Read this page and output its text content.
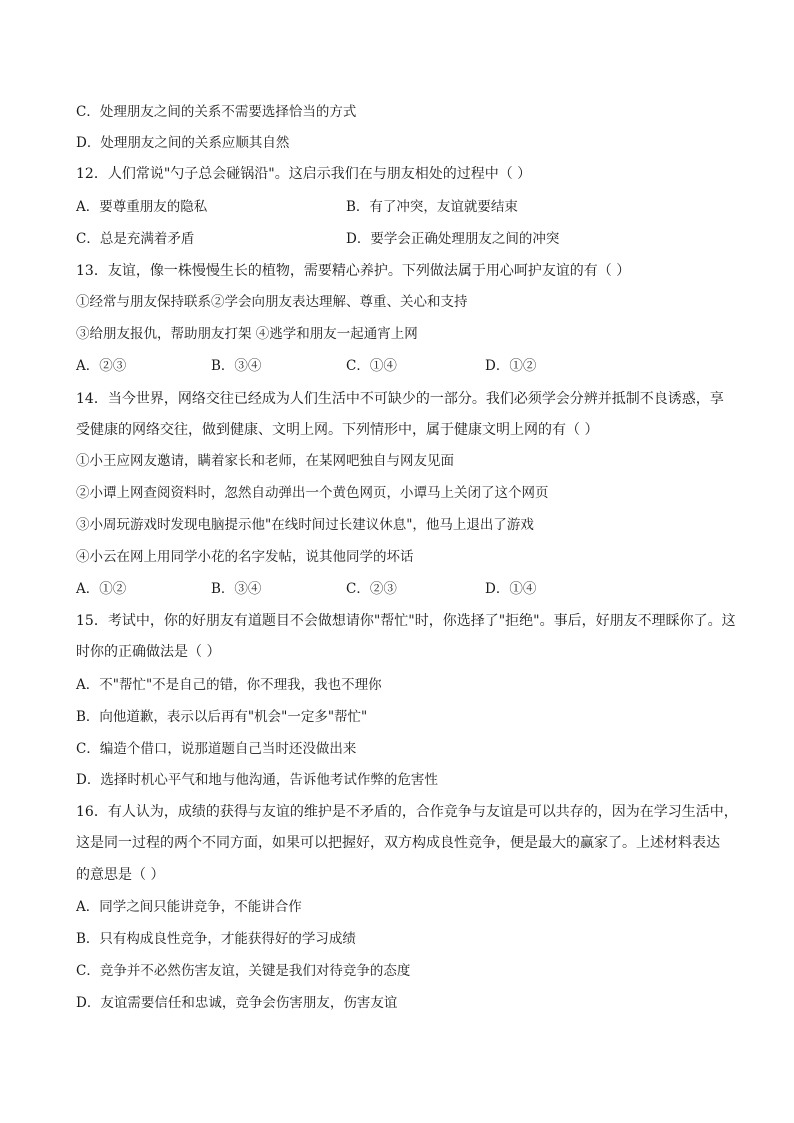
C．处理朋友之间的关系不需要选择恰当的方式
D．处理朋友之间的关系应顺其自然
12．人们常说"勺子总会碰锅沿"。这启示我们在与朋友相处的过程中（ ）
A．要尊重朋友的隐私	B．有了冲突，友谊就要结束
C．总是充满着矛盾	D．要学会正确处理朋友之间的冲突
13．友谊，像一株慢慢生长的植物，需要精心养护。下列做法属于用心呵护友谊的有（ ）
①经常与朋友保持联系②学会向朋友表达理解、尊重、关心和支持
③给朋友报仇，帮助朋友打架 ④逃学和朋友一起通宵上网
A．②③	B．③④	C．①④	D．①②
14．当今世界，网络交往已经成为人们生活中不可缺少的一部分。我们必须学会分辨并抵制不良诱惑，享
受健康的网络交往，做到健康、文明上网。下列情形中，属于健康文明上网的有（ ）
①小王应网友邀请，瞒着家长和老师，在某网吧独自与网友见面
②小谭上网查阅资料时，忽然自动弹出一个黄色网页，小谭马上关闭了这个网页
③小周玩游戏时发现电脑提示他"在线时间过长建议休息"，他马上退出了游戏
④小云在网上用同学小花的名字发帖，说其他同学的坏话
A．①②	B．③④	C．②③	D．①④
15．考试中，你的好朋友有道题目不会做想请你"帮忙"时，你选择了"拒绝"。事后，好朋友不理睬你了。这
时你的正确做法是（ ）
A．不"帮忙"不是自己的错，你不理我，我也不理你
B．向他道歉，表示以后再有"机会"一定多"帮忙"
C．编造个借口，说那道题自己当时还没做出来
D．选择时机心平气和地与他沟通，告诉他考试作弊的危害性
16．有人认为，成绩的获得与友谊的维护是不矛盾的，合作竞争与友谊是可以共存的，因为在学习生活中，
这是同一过程的两个不同方面，如果可以把握好，双方构成良性竞争，便是最大的赢家了。上述材料表达
的意思是（ ）
A．同学之间只能讲竞争，不能讲合作
B．只有构成良性竞争，才能获得好的学习成绩
C．竞争并不必然伤害友谊，关键是我们对待竞争的态度
D．友谊需要信任和忠诚，竞争会伤害朋友，伤害友谊
